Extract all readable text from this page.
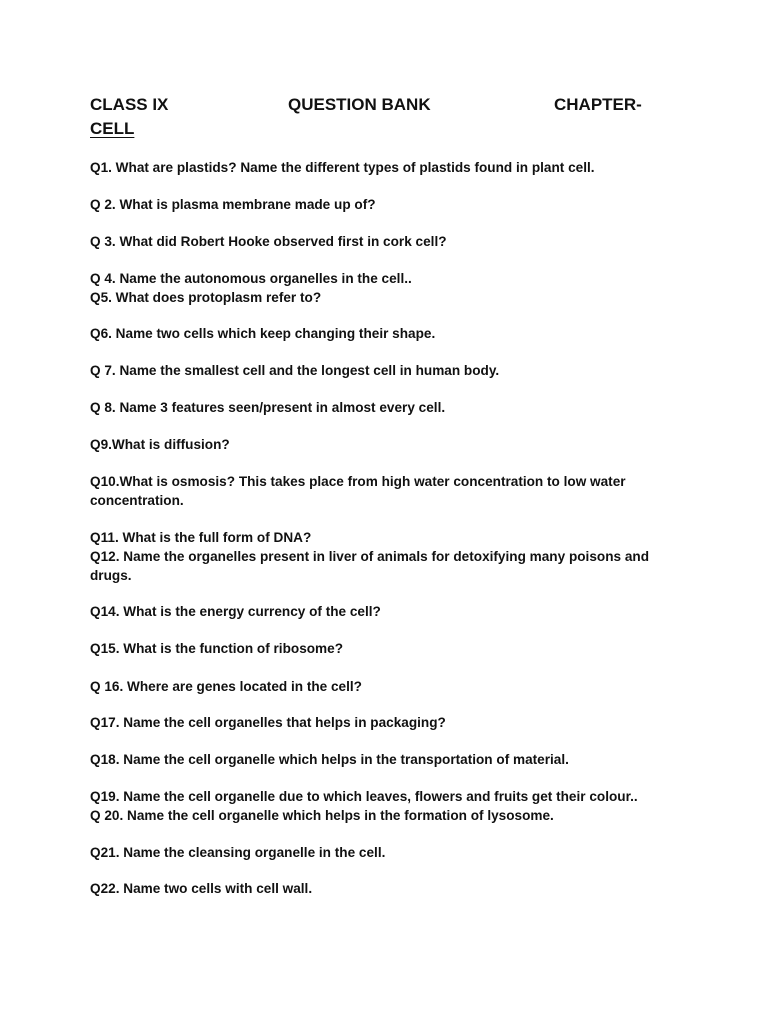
CLASS IX	QUESTION BANK	CHAPTER-
CELL
Q1. What are plastids? Name the different types of plastids found in plant cell.
Q 2. What is plasma membrane made up of?
Q 3. What did Robert Hooke observed first in cork cell?
Q 4. Name the autonomous organelles in the cell..
Q5. What does protoplasm refer to?
Q6. Name two cells which keep changing their shape.
Q 7. Name the smallest cell and the longest cell in human body.
Q 8. Name 3 features seen/present in almost every cell.
Q9.What is diffusion?
Q10.What is osmosis? This takes place from high water concentration to low water concentration.
Q11. What is the full form of DNA?
Q12. Name the organelles present in liver of animals for detoxifying many poisons and drugs.
Q14. What is the energy currency of the cell?
Q15. What is the function of ribosome?
Q 16. Where are genes located in the cell?
Q17. Name the cell organelles that helps in packaging?
Q18. Name the cell organelle which helps in the transportation of material.
Q19. Name the cell organelle due to which leaves, flowers and fruits get their colour..
Q 20. Name the cell organelle which helps in the formation of lysosome.
Q21. Name the cleansing organelle in the cell.
Q22. Name two cells with cell wall.
